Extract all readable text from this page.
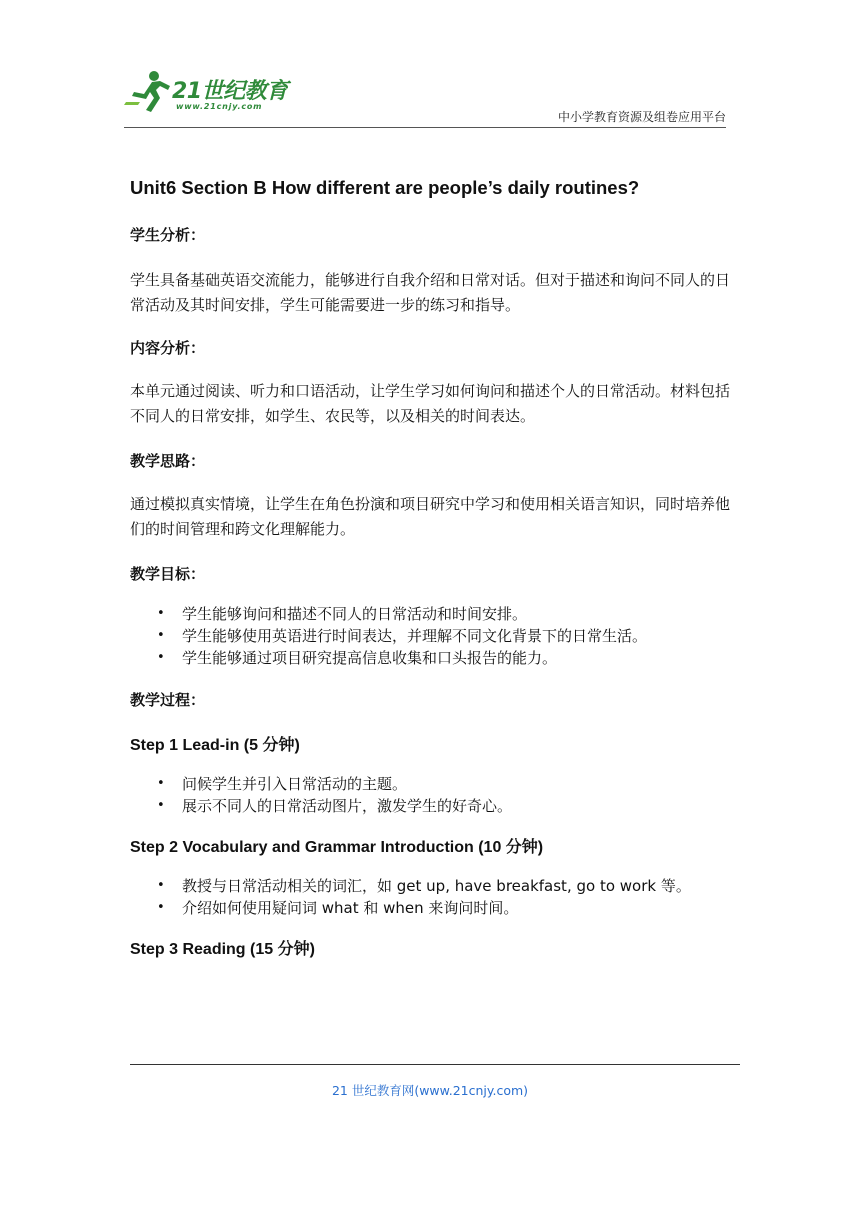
21世纪教育
www.21cnjy.com
中小学教育资源及组卷应用平台
Unit6 Section B How different are people’s daily routines?
学生分析：

学生具备基础英语交流能力，能够进行自我介绍和日常对话。但对于描述和询问不同人的日常活动及其时间安排，学生可能需要进一步的练习和指导。

内容分析：

本单元通过阅读、听力和口语活动，让学生学习如何询问和描述个人的日常活动。材料包括不同人的日常安排，如学生、农民等，以及相关的时间表达。

教学思路：

通过模拟真实情境，让学生在角色扮演和项目研究中学习和使用相关语言知识，同时培养他们的时间管理和跨文化理解能力。

教学目标：
• 学生能够询问和描述不同人的日常活动和时间安排。
• 学生能够使用英语进行时间表达，并理解不同文化背景下的日常生活。
• 学生能够通过项目研究提高信息收集和口头报告的能力。
教学过程：
Step 1 Lead-in (5 分钟)
• 问候学生并引入日常活动的主题。
• 展示不同人的日常活动图片，激发学生的好奇心。
Step 2 Vocabulary and Grammar Introduction (10 分钟)
• 教授与日常活动相关的词汇，如 get up, have breakfast, go to work 等。
• 介绍如何使用疑问词 what 和 when 来询问时间。
Step 3 Reading (15 分钟)
21 世纪教育网(www.21cnjy.com)
